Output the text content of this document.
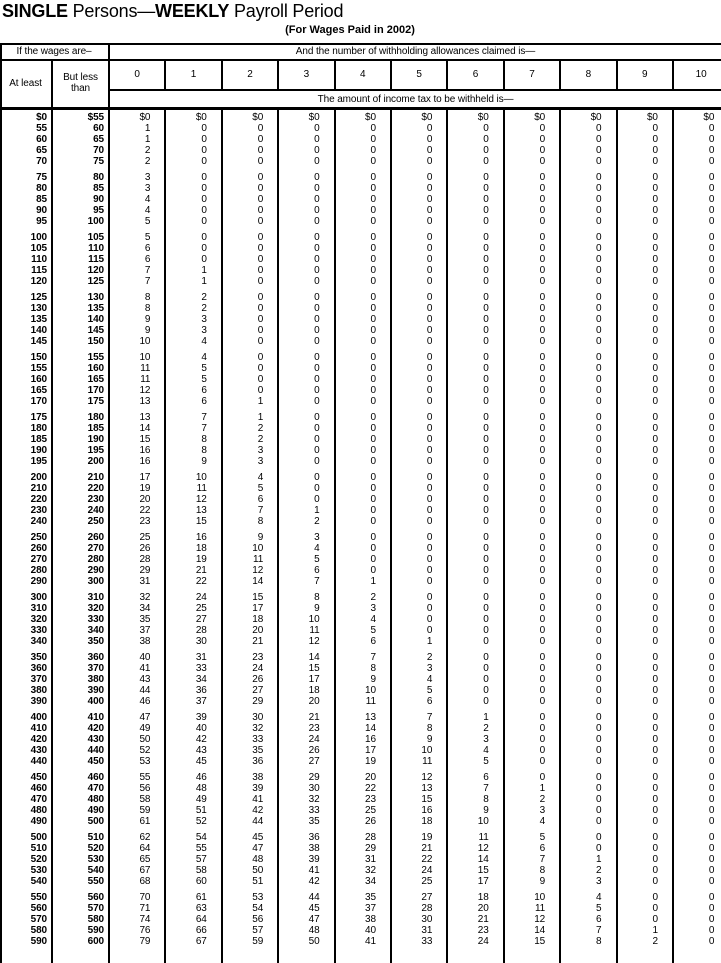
SINGLE Persons—WEEKLY Payroll Period
(For Wages Paid in 2002)
If the wages are–	And the number of withholding allowances claimed is—
At least	But less than
The amount of income tax to be withheld is—
$0	$55	$0	$0	$0	$0	$0	$0	$0	$0	$0	$0	$0
55	60	1	0	0	0	0	0	0	0	0	0	0
60	65	1	0	0	0	0	0	0	0	0	0	0
65	70	2	0	0	0	0	0	0	0	0	0	0
70	75	2	0	0	0	0	0	0	0	0	0	0
75	80	3	0	0	0	0	0	0	0	0	0	0
80	85	3	0	0	0	0	0	0	0	0	0	0
85	90	4	0	0	0	0	0	0	0	0	0	0
90	95	4	0	0	0	0	0	0	0	0	0	0
95	100	5	0	0	0	0	0	0	0	0	0	0
100	105	5	0	0	0	0	0	0	0	0	0	0
105	110	6	0	0	0	0	0	0	0	0	0	0
110	115	6	0	0	0	0	0	0	0	0	0	0
115	120	7	1	0	0	0	0	0	0	0	0	0
120	125	7	1	0	0	0	0	0	0	0	0	0
125	130	8	2	0	0	0	0	0	0	0	0	0
130	135	8	2	0	0	0	0	0	0	0	0	0
135	140	9	3	0	0	0	0	0	0	0	0	0
140	145	9	3	0	0	0	0	0	0	0	0	0
145	150	10	4	0	0	0	0	0	0	0	0	0
150	155	10	4	0	0	0	0	0	0	0	0	0
155	160	11	5	0	0	0	0	0	0	0	0	0
160	165	11	5	0	0	0	0	0	0	0	0	0
165	170	12	6	0	0	0	0	0	0	0	0	0
170	175	13	6	1	0	0	0	0	0	0	0	0
175	180	13	7	1	0	0	0	0	0	0	0	0
180	185	14	7	2	0	0	0	0	0	0	0	0
185	190	15	8	2	0	0	0	0	0	0	0	0
190	195	16	8	3	0	0	0	0	0	0	0	0
195	200	16	9	3	0	0	0	0	0	0	0	0
200	210	17	10	4	0	0	0	0	0	0	0	0
210	220	19	11	5	0	0	0	0	0	0	0	0
220	230	20	12	6	0	0	0	0	0	0	0	0
230	240	22	13	7	1	0	0	0	0	0	0	0
240	250	23	15	8	2	0	0	0	0	0	0	0
250	260	25	16	9	3	0	0	0	0	0	0	0
260	270	26	18	10	4	0	0	0	0	0	0	0
270	280	28	19	11	5	0	0	0	0	0	0	0
280	290	29	21	12	6	0	0	0	0	0	0	0
290	300	31	22	14	7	1	0	0	0	0	0	0
300	310	32	24	15	8	2	0	0	0	0	0	0
310	320	34	25	17	9	3	0	0	0	0	0	0
320	330	35	27	18	10	4	0	0	0	0	0	0
330	340	37	28	20	11	5	0	0	0	0	0	0
340	350	38	30	21	12	6	1	0	0	0	0	0
350	360	40	31	23	14	7	2	0	0	0	0	0
360	370	41	33	24	15	8	3	0	0	0	0	0
370	380	43	34	26	17	9	4	0	0	0	0	0
380	390	44	36	27	18	10	5	0	0	0	0	0
390	400	46	37	29	20	11	6	0	0	0	0	0
400	410	47	39	30	21	13	7	1	0	0	0	0
410	420	49	40	32	23	14	8	2	0	0	0	0
420	430	50	42	33	24	16	9	3	0	0	0	0
430	440	52	43	35	26	17	10	4	0	0	0	0
440	450	53	45	36	27	19	11	5	0	0	0	0
450	460	55	46	38	29	20	12	6	0	0	0	0
460	470	56	48	39	30	22	13	7	1	0	0	0
470	480	58	49	41	32	23	15	8	2	0	0	0
480	490	59	51	42	33	25	16	9	3	0	0	0
490	500	61	52	44	35	26	18	10	4	0	0	0
500	510	62	54	45	36	28	19	11	5	0	0	0
510	520	64	55	47	38	29	21	12	6	0	0	0
520	530	65	57	48	39	31	22	14	7	1	0	0
530	540	67	58	50	41	32	24	15	8	2	0	0
540	550	68	60	51	42	34	25	17	9	3	0	0
550	560	70	61	53	44	35	27	18	10	4	0	0
560	570	71	63	54	45	37	28	20	11	5	0	0
570	580	74	64	56	47	38	30	21	12	6	0	0
580	590	76	66	57	48	40	31	23	14	7	1	0
590	600	79	67	59	50	41	33	24	15	8	2	0
0	1	2	3	4	5	6	7	8	9	10
